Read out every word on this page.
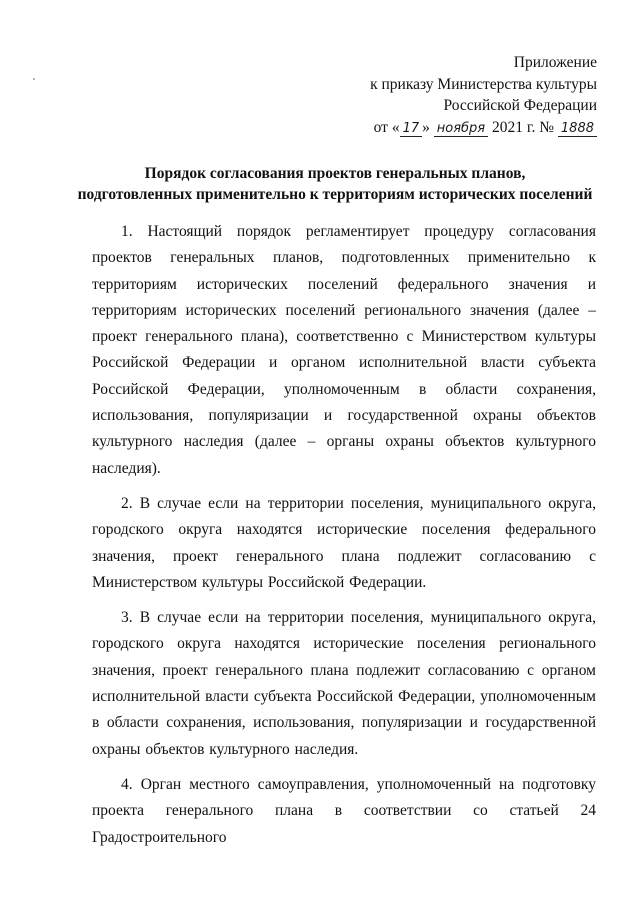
Приложение
к приказу Министерства культуры
Российской Федерации
от « 17 » ноября 2021 г. № 1888
Порядок согласования проектов генеральных планов,
подготовленных применительно к территориям исторических поселений

1. Настоящий порядок регламентирует процедуру согласования проектов генеральных планов, подготовленных применительно к территориям исторических поселений федерального значения и территориям исторических поселений регионального значения (далее – проект генерального плана), соответственно с Министерством культуры Российской Федерации и органом исполнительной власти субъекта Российской Федерации, уполномоченным в области сохранения, использования, популяризации и государственной охраны объектов культурного наследия (далее – органы охраны объектов культурного наследия).

2. В случае если на территории поселения, муниципального округа, городского округа находятся исторические поселения федерального значения, проект генерального плана подлежит согласованию с Министерством культуры Российской Федерации.

3. В случае если на территории поселения, муниципального округа, городского округа находятся исторические поселения регионального значения, проект генерального плана подлежит согласованию с органом исполнительной власти субъекта Российской Федерации, уполномоченным в области сохранения, использования, популяризации и государственной охраны объектов культурного наследия.

4. Орган местного самоуправления, уполномоченный на подготовку проекта генерального плана в соответствии со статьей 24 Градостроительного
